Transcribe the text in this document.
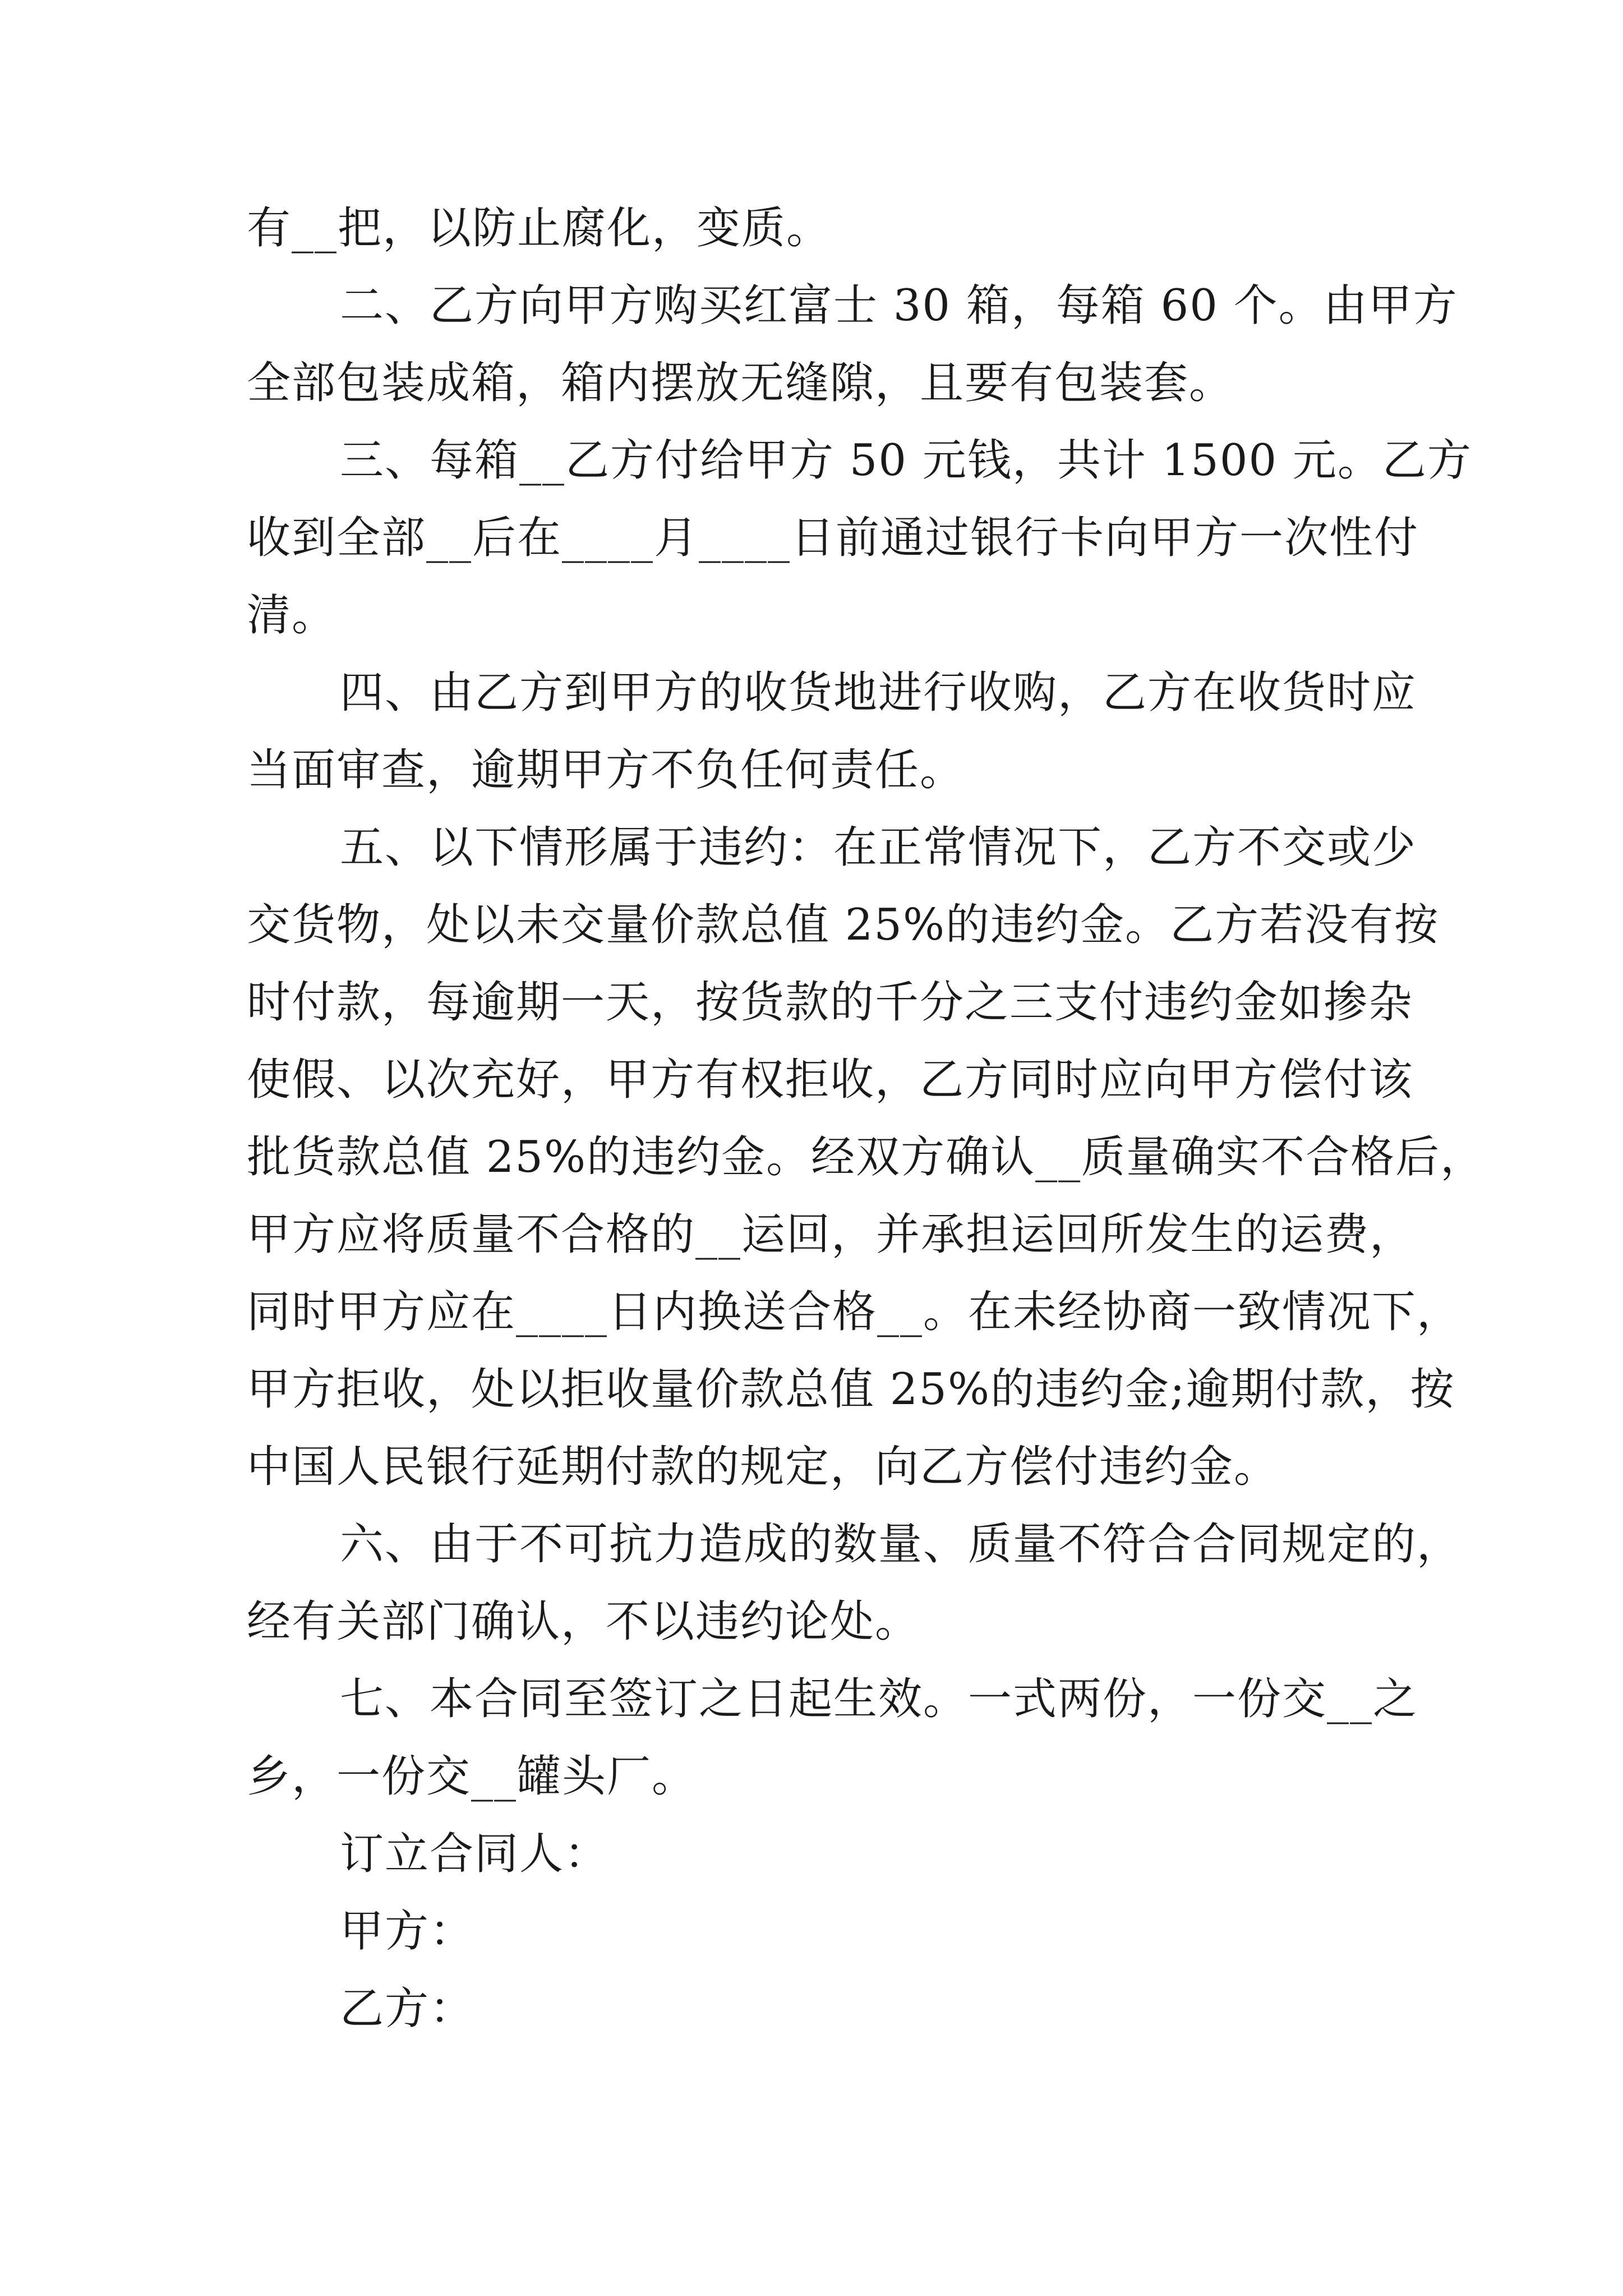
有__把，以防止腐化，变质。
二、乙方向甲方购买红富士 30 箱，每箱 60 个。由甲方
全部包装成箱，箱内摆放无缝隙，且要有包装套。
三、每箱__乙方付给甲方 50 元钱，共计 1500 元。乙方
收到全部__后在____月____日前通过银行卡向甲方一次性付
清。
四、由乙方到甲方的收货地进行收购，乙方在收货时应
当面审查，逾期甲方不负任何责任。
五、以下情形属于违约：在正常情况下，乙方不交或少
交货物，处以未交量价款总值 25%的违约金。乙方若没有按
时付款，每逾期一天，按货款的千分之三支付违约金如掺杂
使假、以次充好，甲方有权拒收，乙方同时应向甲方偿付该
批货款总值 25%的违约金。经双方确认__质量确实不合格后，
甲方应将质量不合格的__运回，并承担运回所发生的运费，
同时甲方应在____日内换送合格__。在未经协商一致情况下，
甲方拒收，处以拒收量价款总值 25%的违约金;逾期付款，按
中国人民银行延期付款的规定，向乙方偿付违约金。
六、由于不可抗力造成的数量、质量不符合合同规定的，
经有关部门确认，不以违约论处。
七、本合同至签订之日起生效。一式两份，一份交__之
乡，一份交__罐头厂。
订立合同人：
甲方：
乙方：
